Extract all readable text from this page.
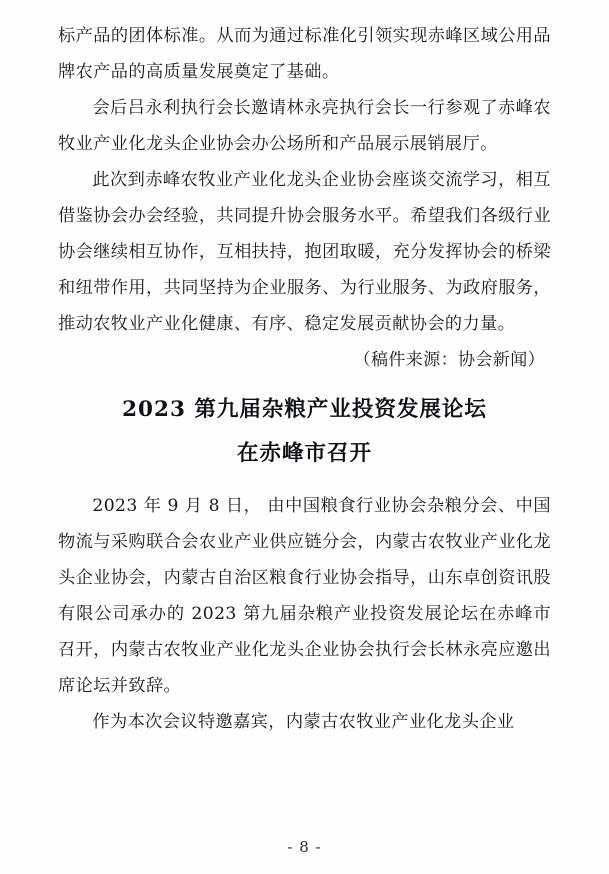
标产品的团体标准。从而为通过标准化引领实现赤峰区域公用品牌农产品的高质量发展奠定了基础。

会后吕永利执行会长邀请林永亮执行会长一行参观了赤峰农牧业产业化龙头企业协会办公场所和产品展示展销展厅。

此次到赤峰农牧业产业化龙头企业协会座谈交流学习，相互借鉴协会办会经验，共同提升协会服务水平。希望我们各级行业协会继续相互协作，互相扶持，抱团取暖，充分发挥协会的桥梁和纽带作用，共同坚持为企业服务、为行业服务、为政府服务，推动农牧业产业化健康、有序、稳定发展贡献协会的力量。

（稿件来源：协会新闻）

2023 第九届杂粮产业投资发展论坛
在赤峰市召开

2023 年 9 月 8 日， 由中国粮食行业协会杂粮分会、中国物流与采购联合会农业产业供应链分会，内蒙古农牧业产业化龙头企业协会，内蒙古自治区粮食行业协会指导，山东卓创资讯股有限公司承办的 2023 第九届杂粮产业投资发展论坛在赤峰市召开，内蒙古农牧业产业化龙头企业协会执行会长林永亮应邀出席论坛并致辞。

作为本次会议特邀嘉宾，内蒙古农牧业产业化龙头企业

- 8 -
